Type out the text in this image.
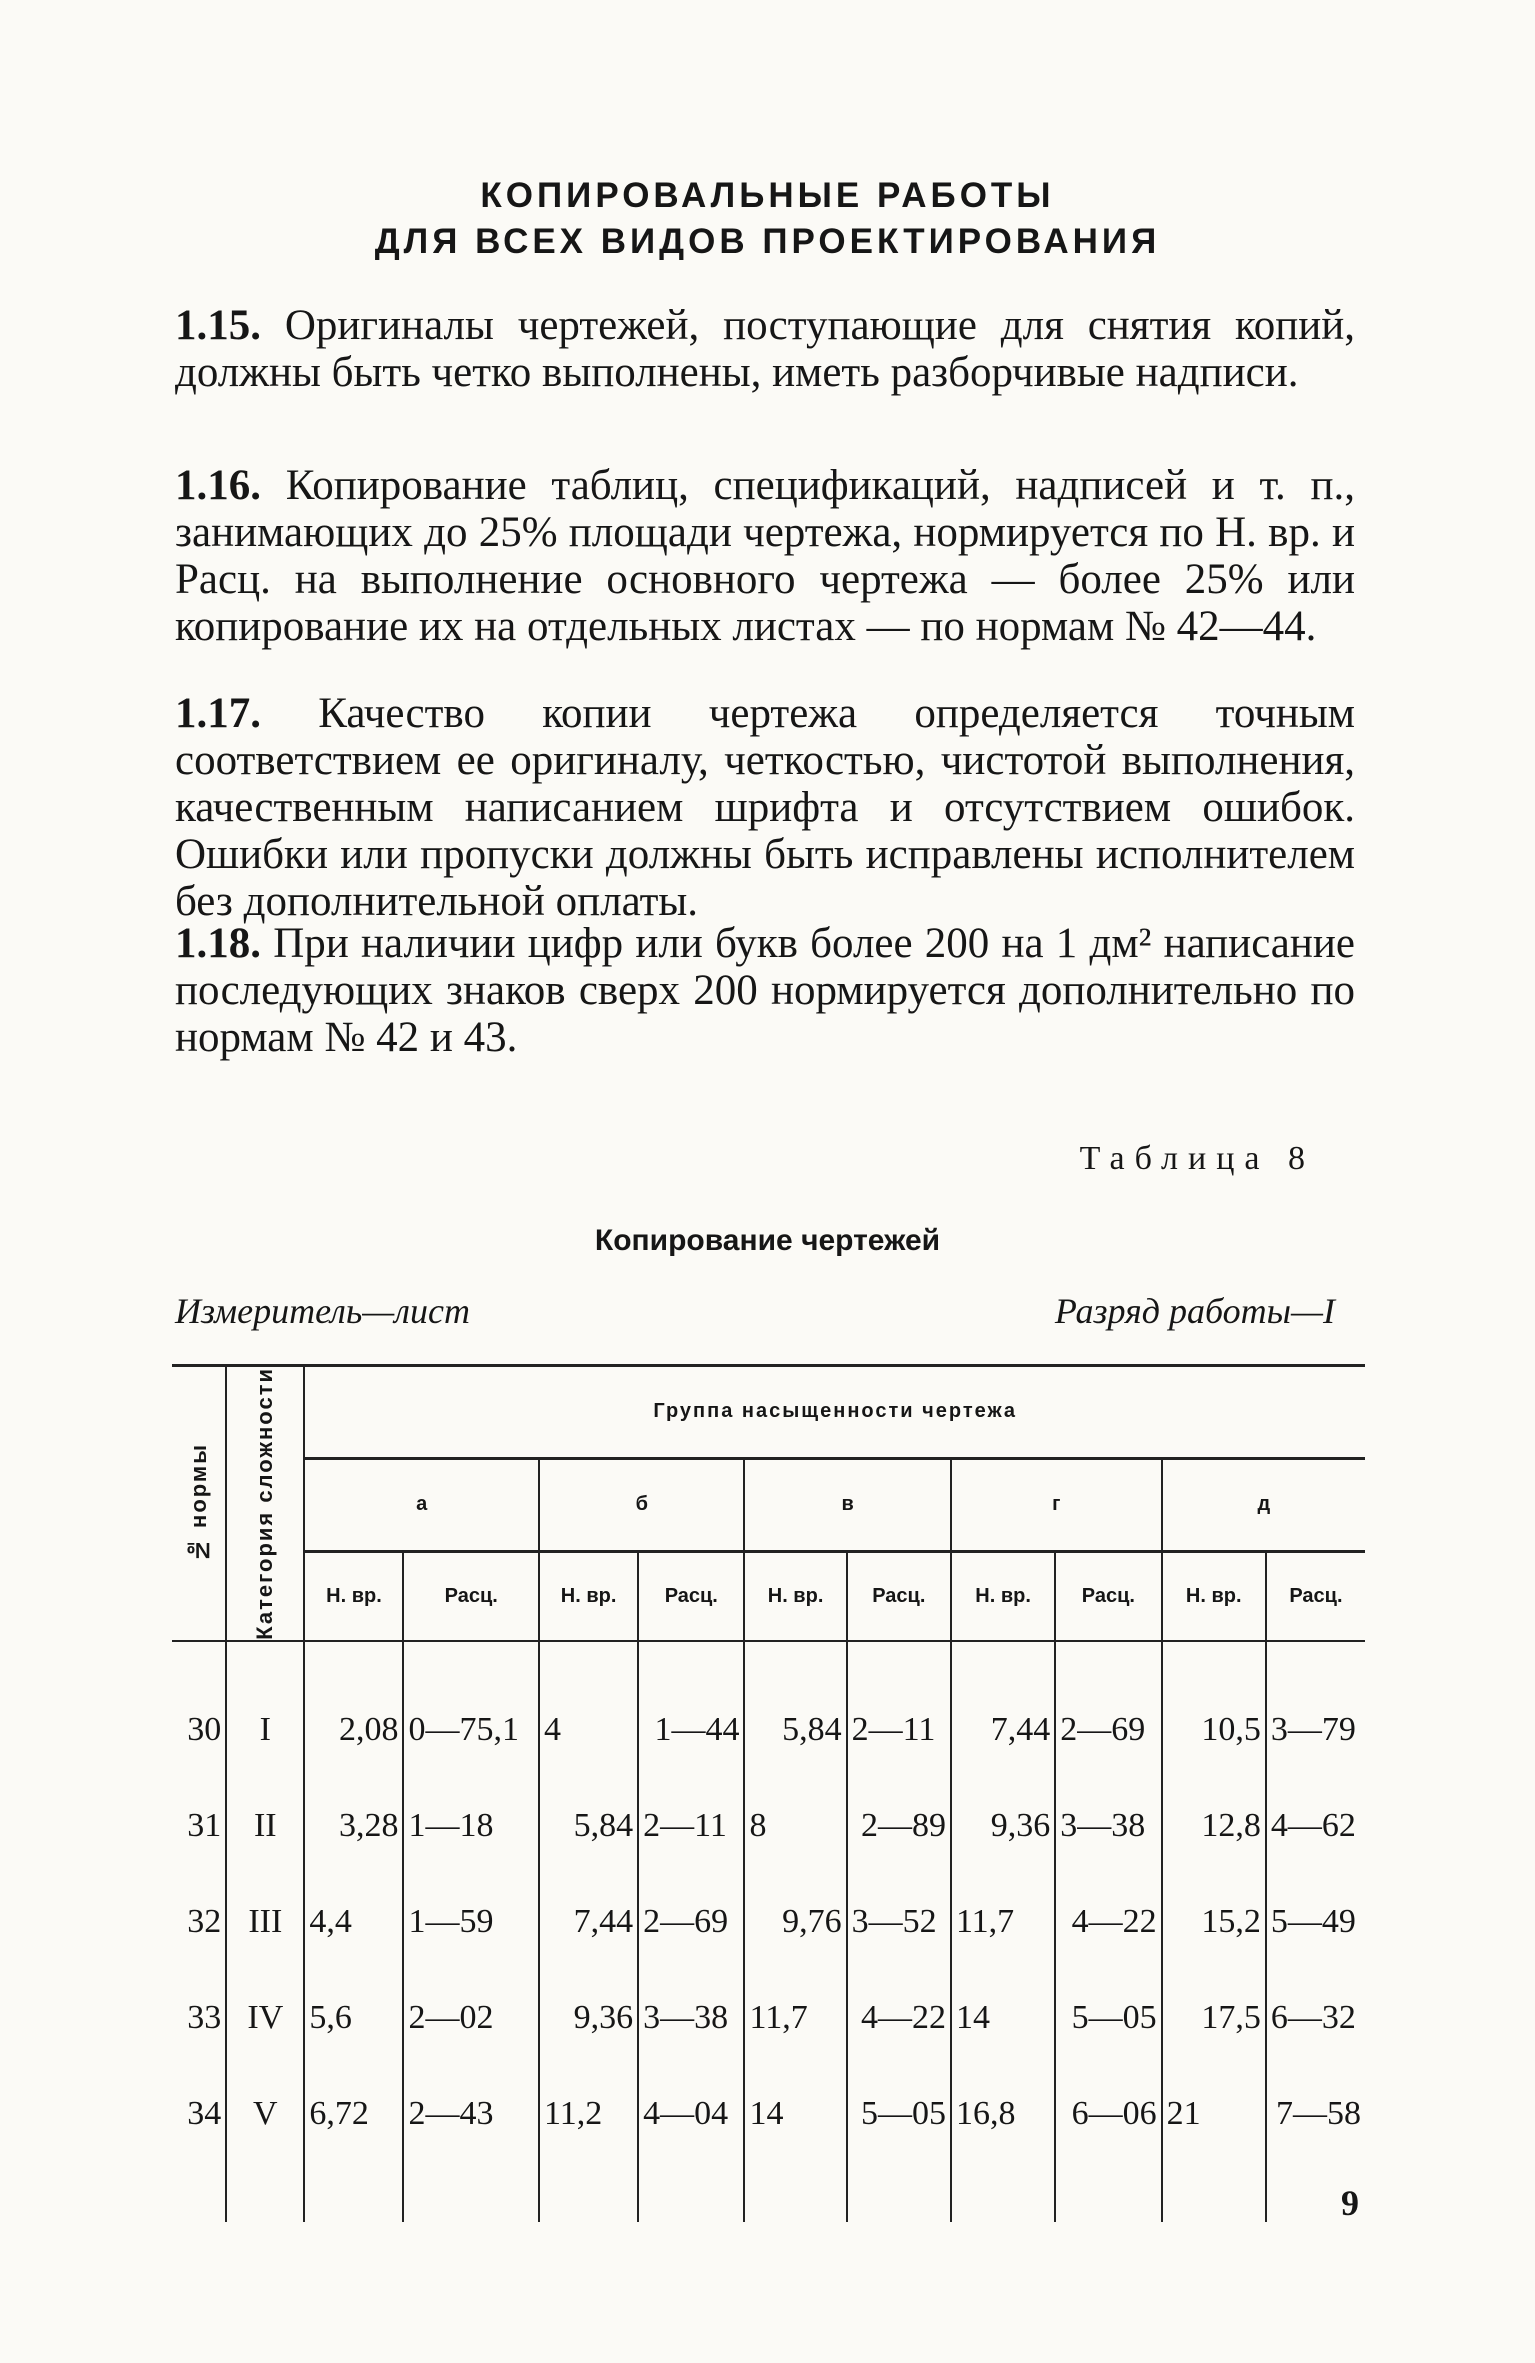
КОПИРОВАЛЬНЫЕ РАБОТЫ
ДЛЯ ВСЕХ ВИДОВ ПРОЕКТИРОВАНИЯ
1.15. Оригиналы чертежей, поступающие для снятия копий, должны быть четко выполнены, иметь разборчивые надписи.
1.16. Копирование таблиц, спецификаций, надписей и т. п., занимающих до 25% площади чертежа, нормируется по Н. вр. и Расц. на выполнение основного чертежа — более 25% или копирование их на отдельных листах — по нормам № 42—44.
1.17. Качество копии чертежа определяется точным соответствием ее оригиналу, четкостью, чистотой выполнения, качественным написанием шрифта и отсутствием ошибок. Ошибки или пропуски должны быть исправлены исполнителем без дополнительной оплаты.
1.18. При наличии цифр или букв более 200 на 1 дм² написание последующих знаков сверх 200 нормируется дополнительно по нормам № 42 и 43.
Таблица 8
Копирование чертежей
Измеритель—лист	Разряд работы—I
№ нормы	Категория сложности	Группа насыщенности чертежа									
		а		б		в		г		д	
		Н. вр.	Расц.	Н. вр.	Расц.	Н. вр.	Расц.	Н. вр.	Расц.	Н. вр.	Расц.

30	I	2,08	0—75,1	4	1—44	5,84	2—11	7,44	2—69	10,5	3—79
31	II	3,28	1—18	5,84	2—11	8	2—89	9,36	3—38	12,8	4—62
32	III	4,4	1—59	7,44	2—69	9,76	3—52	11,7	4—22	15,2	5—49
33	IV	5,6	2—02	9,36	3—38	11,7	4—22	14	5—05	17,5	6—32
34	V	6,72	2—43	11,2	4—04	14	5—05	16,8	6—06	21	7—58

9
